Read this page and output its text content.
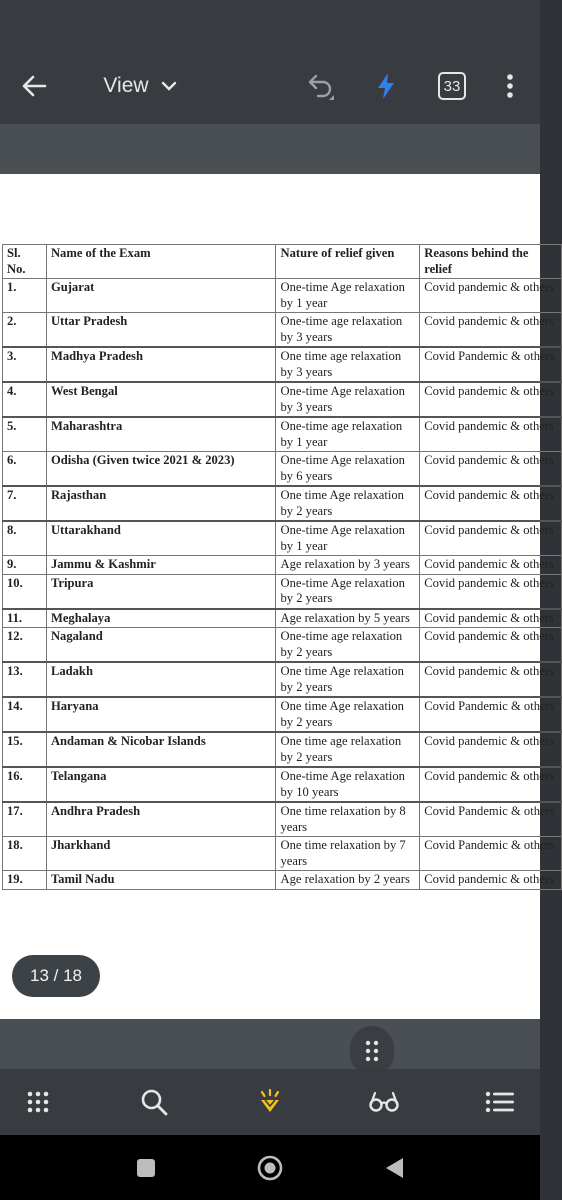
View	33
Sl. No.	Name of the Exam	Nature of relief given	Reasons behind the relief
1.	Gujarat	One-time Age relaxation by 1 year	Covid pandemic & others
2.	Uttar Pradesh	One-time age relaxation by 3 years	Covid pandemic & others
3.	Madhya Pradesh	One time age relaxation by 3 years	Covid Pandemic & others
4.	West Bengal	One-time Age relaxation by 3 years	Covid pandemic & others
5.	Maharashtra	One-time age relaxation by 1 year	Covid pandemic & others
6.	Odisha (Given twice 2021 & 2023)	One-time Age relaxation by 6 years	Covid pandemic & others
7.	Rajasthan	One time Age relaxation by 2 years	Covid pandemic & others
8.	Uttarakhand	One-time Age relaxation by 1 year	Covid pandemic & others
9.	Jammu & Kashmir	Age relaxation by 3 years	Covid pandemic & others
10.	Tripura	One-time Age relaxation by 2 years	Covid pandemic & others
11.	Meghalaya	Age relaxation by 5 years	Covid pandemic & others
12.	Nagaland	One-time age relaxation by 2 years	Covid pandemic & others
13.	Ladakh	One time Age relaxation by 2 years	Covid pandemic & others
14.	Haryana	One time Age relaxation by 2 years	Covid Pandemic & others
15.	Andaman & Nicobar Islands	One time age relaxation by 2 years	Covid pandemic & others
16.	Telangana	One-time Age relaxation by 10 years	Covid pandemic & others
17.	Andhra Pradesh	One time relaxation by 8 years	Covid Pandemic & others
18.	Jharkhand	One time relaxation by 7 years	Covid Pandemic & others
19.	Tamil Nadu	Age relaxation by 2 years	Covid pandemic & others
13 / 18
